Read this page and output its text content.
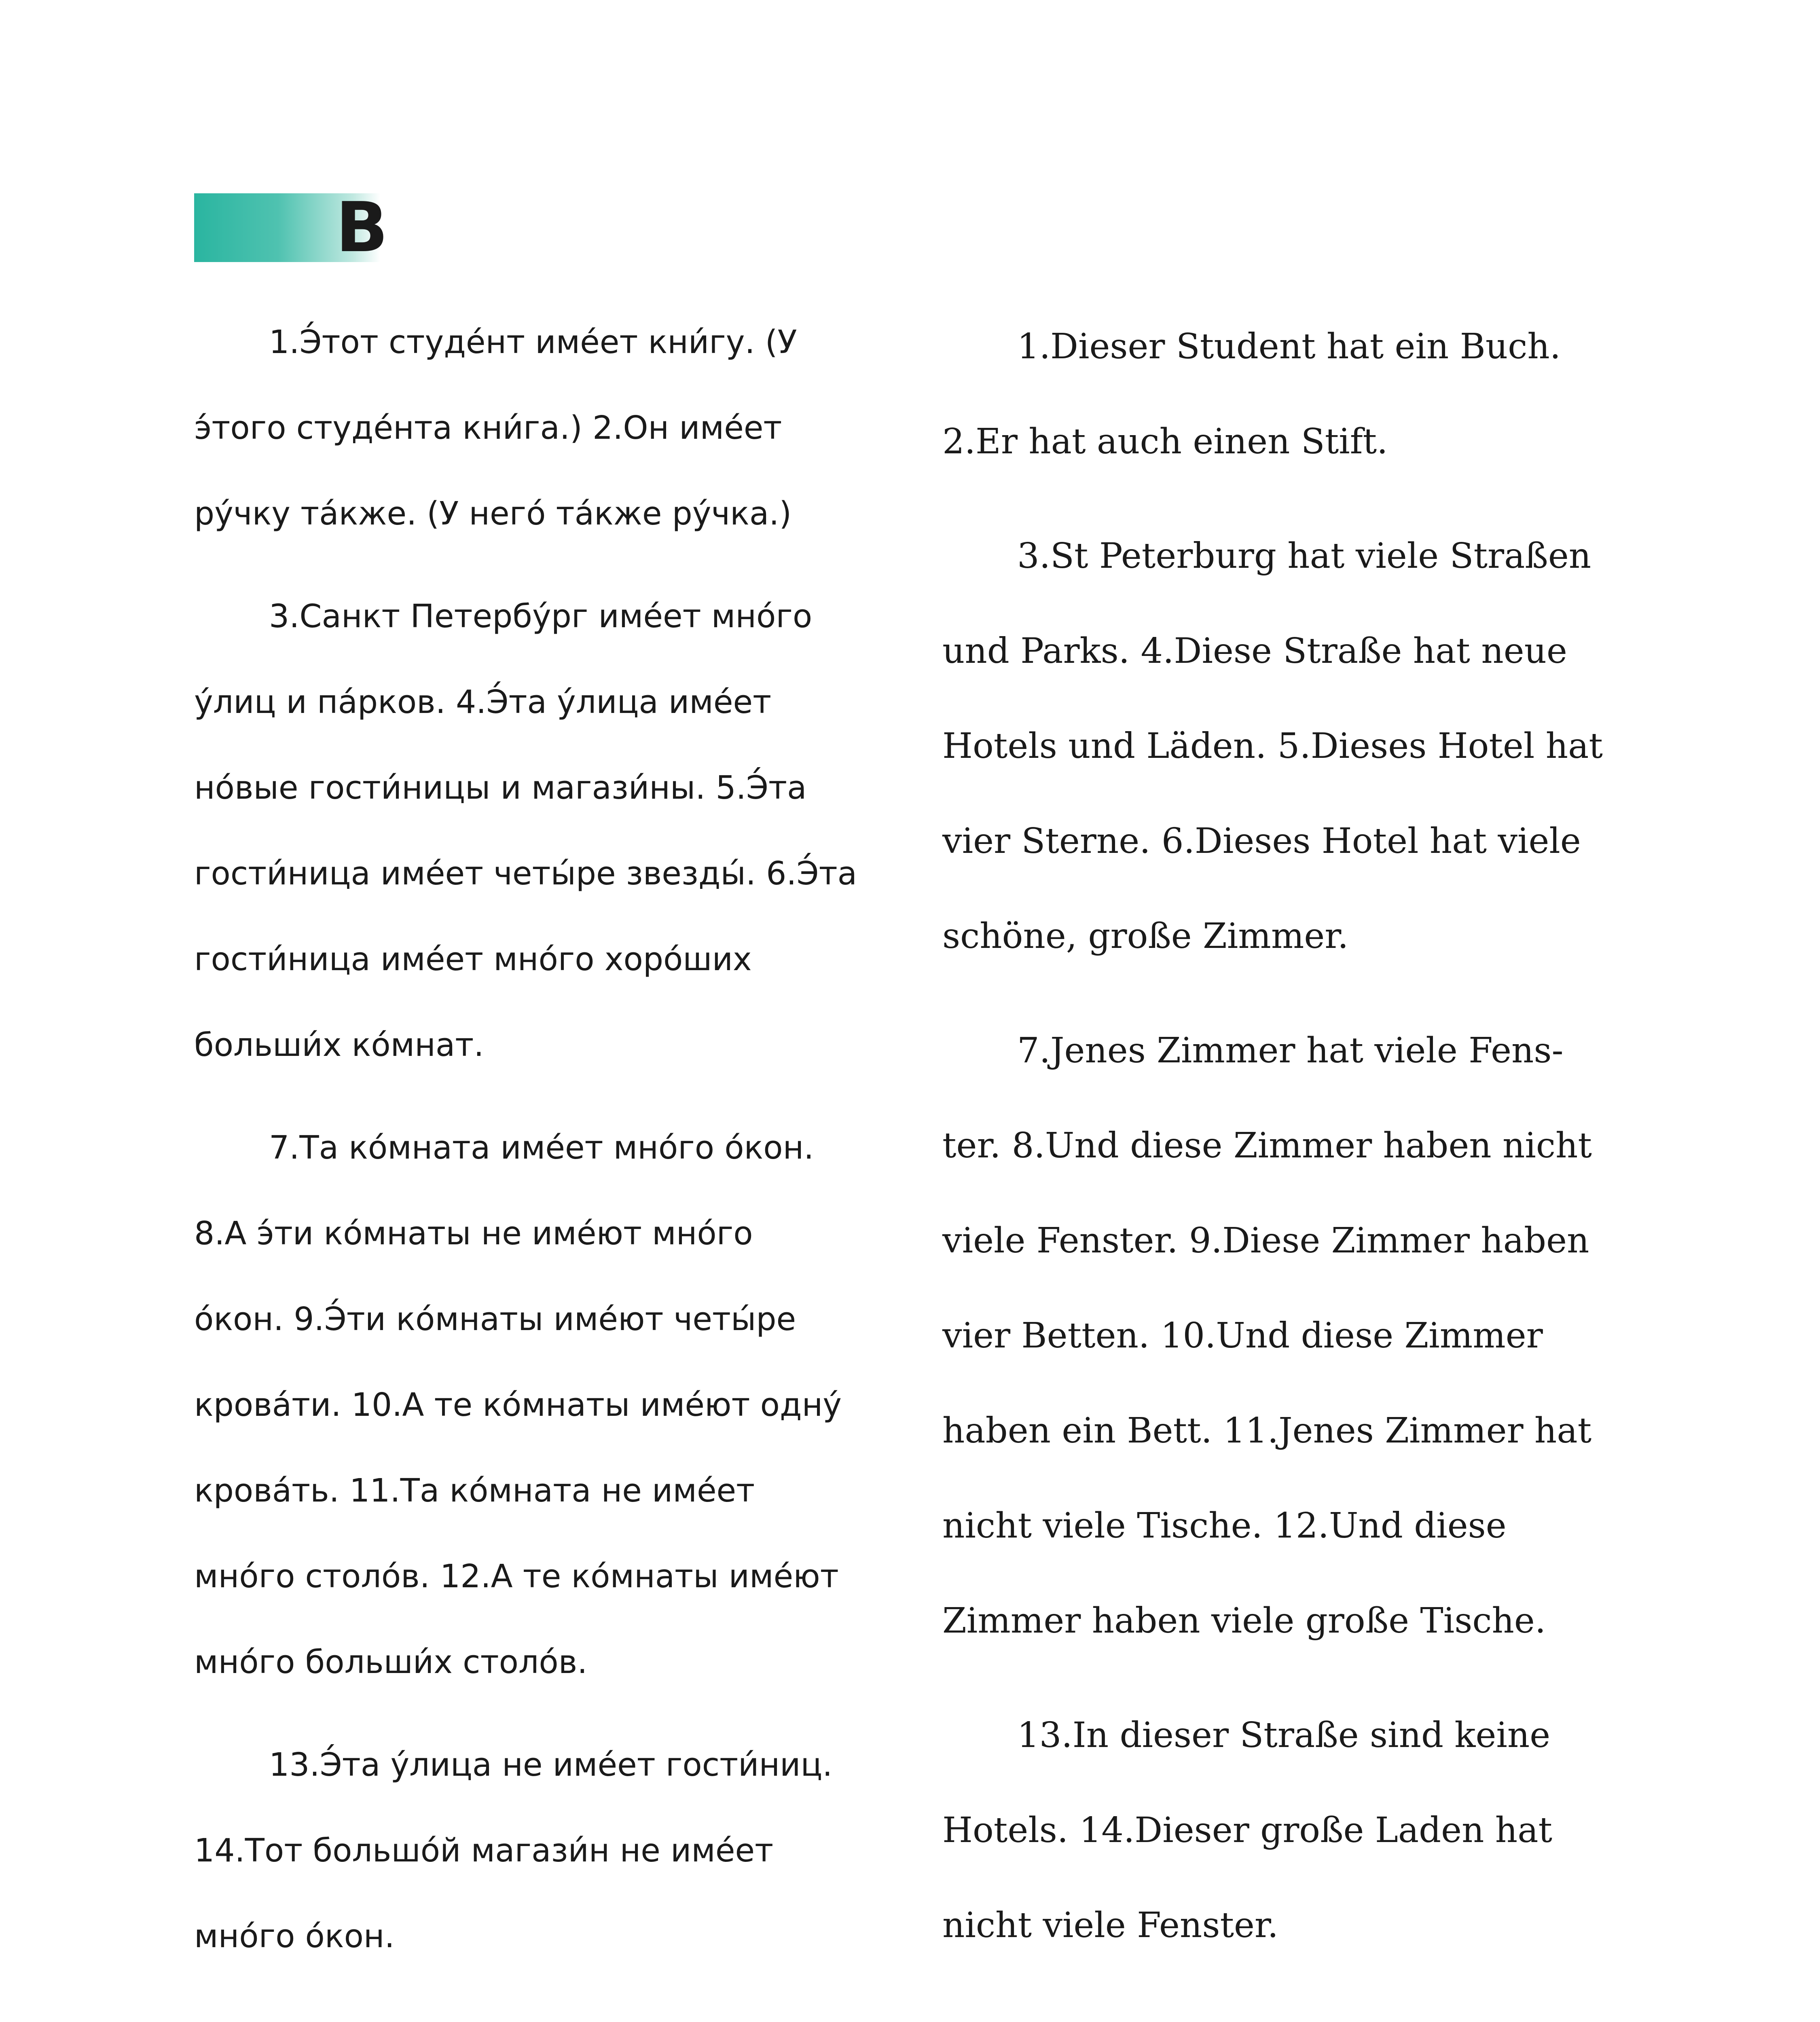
В

1.Э́тот студе́нт име́ет кни́гу. (У
э́того студе́нта кни́га.) 2.Он име́ет
ру́чку та́кже. (У него́ та́кже ру́чка.)

3.Санкт Петербу́рг име́ет мно́го
у́лиц и па́рков. 4.Э́та у́лица име́ет
но́вые гости́ницы и магази́ны. 5.Э́та
гости́ница име́ет четы́ре звезды́. 6.Э́та
гости́ница име́ет мно́го хоро́ших
больши́х ко́мнат.

7.Та ко́мната име́ет мно́го о́кон.
8.А э́ти ко́мнаты не име́ют мно́го
о́кон. 9.Э́ти ко́мнаты име́ют четы́ре
крова́ти. 10.А те ко́мнаты име́ют одну́
крова́ть. 11.Та ко́мната не име́ет
мно́го столо́в. 12.А те ко́мнаты име́ют
мно́го больши́х столо́в.

13.Э́та у́лица не име́ет гости́ниц.
14.Тот большо́й магази́н не име́ет
мно́го о́кон.

1.Dieser Student hat ein Buch.
2.Er hat auch einen Stift.

3.St Peterburg hat viele Straßen
und Parks. 4.Diese Straße hat neue
Hotels und Läden. 5.Dieses Hotel hat
vier Sterne. 6.Dieses Hotel hat viele
schöne, große Zimmer.

7.Jenes Zimmer hat viele Fens-
ter. 8.Und diese Zimmer haben nicht
viele Fenster. 9.Diese Zimmer haben
vier Betten. 10.Und diese Zimmer
haben ein Bett. 11.Jenes Zimmer hat
nicht viele Tische. 12.Und diese
Zimmer haben viele große Tische.

13.In dieser Straße sind keine
Hotels. 14.Dieser große Laden hat
nicht viele Fenster.
